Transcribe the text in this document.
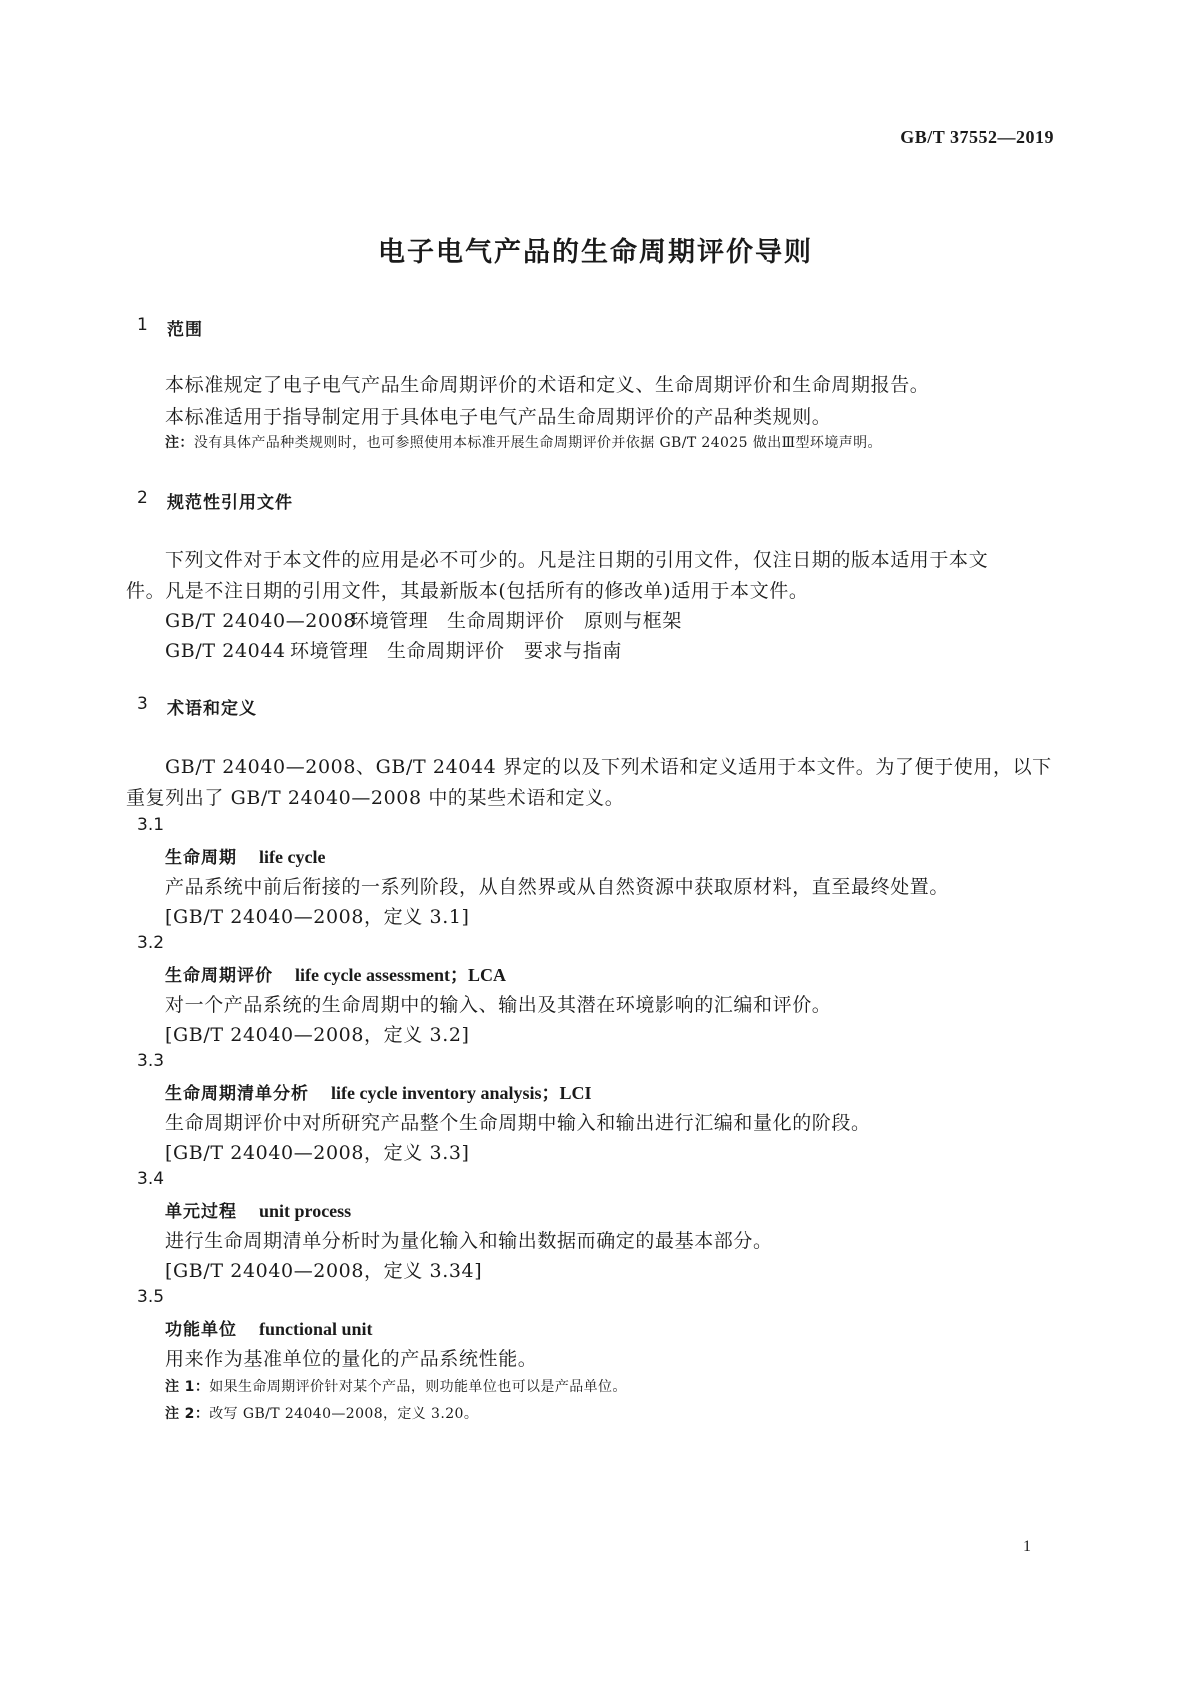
GB/T 37552—2019
电子电气产品的生命周期评价导则
1 范围
本标准规定了电子电气产品生命周期评价的术语和定义、生命周期评价和生命周期报告。
本标准适用于指导制定用于具体电子电气产品生命周期评价的产品种类规则。
注：没有具体产品种类规则时，也可参照使用本标准开展生命周期评价并依据 GB/T 24025 做出Ⅲ型环境声明。
2 规范性引用文件
下列文件对于本文件的应用是必不可少的。凡是注日期的引用文件，仅注日期的版本适用于本文
件。凡是不注日期的引用文件，其最新版本(包括所有的修改单)适用于本文件。
GB/T 24040—2008环境管理 生命周期评价 原则与框架
GB/T 24044 环境管理 生命周期评价 要求与指南
3 术语和定义
GB/T 24040—2008、GB/T 24044 界定的以及下列术语和定义适用于本文件。为了便于使用，以下
重复列出了 GB/T 24040—2008 中的某些术语和定义。
3.1
生命周期 life cycle
产品系统中前后衔接的一系列阶段，从自然界或从自然资源中获取原材料，直至最终处置。
[GB/T 24040—2008，定义 3.1]
3.2
生命周期评价 life cycle assessment；LCA
对一个产品系统的生命周期中的输入、输出及其潜在环境影响的汇编和评价。
[GB/T 24040—2008，定义 3.2]
3.3
生命周期清单分析 life cycle inventory analysis；LCI
生命周期评价中对所研究产品整个生命周期中输入和输出进行汇编和量化的阶段。
[GB/T 24040—2008，定义 3.3]
3.4
单元过程 unit process
进行生命周期清单分析时为量化输入和输出数据而确定的最基本部分。
[GB/T 24040—2008，定义 3.34]
3.5
功能单位 functional unit
用来作为基准单位的量化的产品系统性能。
注 1：如果生命周期评价针对某个产品，则功能单位也可以是产品单位。
注 2：改写 GB/T 24040—2008，定义 3.20。
1
